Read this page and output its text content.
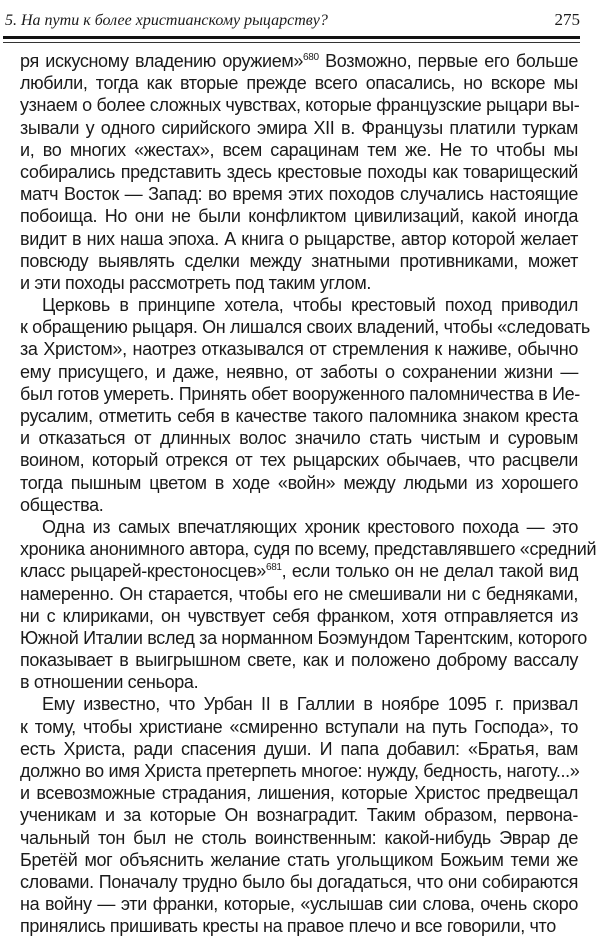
5. На пути к более христианскому рыцарству?	275
ря искусному владению оружием»$^{680}$ Возможно, первые его больше
любили, тогда как вторые прежде всего опасались, но вскоре мы
узнаем о более сложных чувствах, которые французские рыцари вы-
зывали у одного сирийского эмира XII в. Французы платили туркам
и, во многих «жестах», всем сарацинам тем же. Не то чтобы мы
собирались представить здесь крестовые походы как товарищеский
матч Восток — Запад: во время этих походов случались настоящие
побоища. Но они не были конфликтом цивилизаций, какой иногда
видит в них наша эпоха. А книга о рыцарстве, автор которой желает
повсюду выявлять сделки между знатными противниками, может
и эти походы рассмотреть под таким углом.
Церковь в принципе хотела, чтобы крестовый поход приводил
к обращению рыцаря. Он лишался своих владений, чтобы «следовать
за Христом», наотрез отказывался от стремления к наживе, обычно
ему присущего, и даже, неявно, от заботы о сохранении жизни —
был готов умереть. Принять обет вооруженного паломничества в Ие-
русалим, отметить себя в качестве такого паломника знаком креста
и отказаться от длинных волос значило стать чистым и суровым
воином, который отрекся от тех рыцарских обычаев, что расцвели
тогда пышным цветом в ходе «войн» между людьми из хорошего
общества.
Одна из самых впечатляющих хроник крестового похода — это
хроника анонимного автора, судя по всему, представлявшего «средний
класс рыцарей-крестоносцев»$^{681}$, если только он не делал такой вид
намеренно. Он старается, чтобы его не смешивали ни с бедняками,
ни с клириками, он чувствует себя франком, хотя отправляется из
Южной Италии вслед за норманном Боэмундом Тарентским, которого
показывает в выигрышном свете, как и положено доброму вассалу
в отношении сеньора.
Ему известно, что Урбан II в Галлии в ноябре 1095 г. призвал
к тому, чтобы христиане «смиренно вступали на путь Господа», то
есть Христа, ради спасения души. И папа добавил: «Братья, вам
должно во имя Христа претерпеть многое: нужду, бедность, наготу...»
и всевозможные страдания, лишения, которые Христос предвещал
ученикам и за которые Он вознаградит. Таким образом, первона-
чальный тон был не столь воинственным: какой-нибудь Эврар де
Бретёй мог объяснить желание стать угольщиком Божьим теми же
словами. Поначалу трудно было бы догадаться, что они собираются
на войну — эти франки, которые, «услышав сии слова, очень скоро
принялись пришивать кресты на правое плечо и все говорили, что
